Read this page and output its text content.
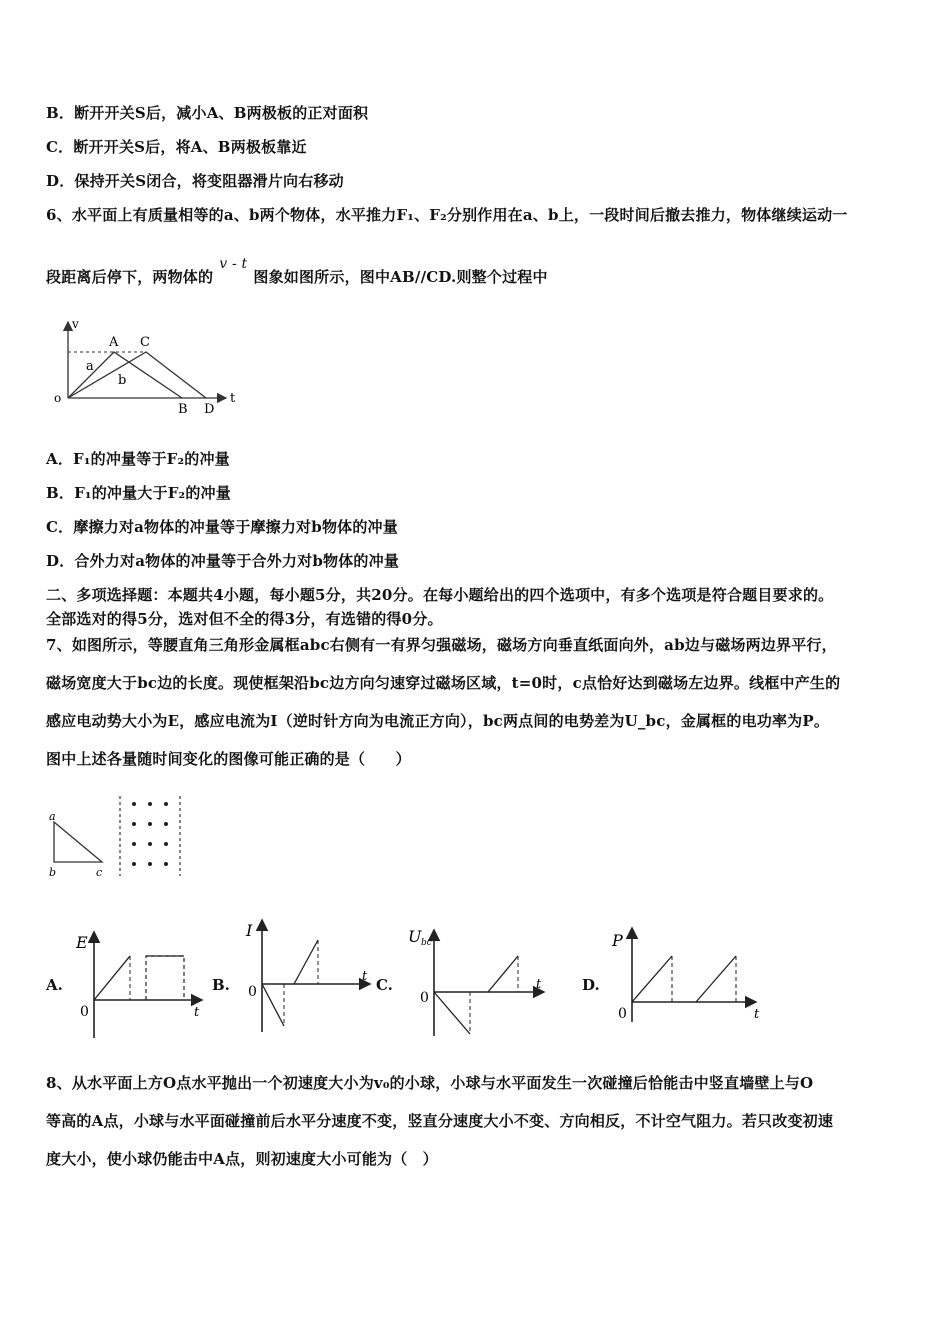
B．断开开关S后，减小A、B两极板的正对面积
C．断开开关S后，将A、B两极板靠近
D．保持开关S闭合，将变阻器滑片向右移动
6、水平面上有质量相等的a、b两个物体，水平推力F₁、F₂分别作用在a、b上，一段时间后撤去推力，物体继续运动一
段距离后停下，两物体的v - t图象如图所示，图中AB//CD.则整个过程中
v
t
o
A C
a
b
B D
A．F₁的冲量等于F₂的冲量
B．F₁的冲量大于F₂的冲量
C．摩擦力对a物体的冲量等于摩擦力对b物体的冲量
D．合外力对a物体的冲量等于合外力对b物体的冲量
二、多项选择题：本题共4小题，每小题5分，共20分。在每小题给出的四个选项中，有多个选项是符合题目要求的。
全部选对的得5分，选对但不全的得3分，有选错的得0分。
7、如图所示，等腰直角三角形金属框abc右侧有一有界匀强磁场，磁场方向垂直纸面向外，ab边与磁场两边界平行，
磁场宽度大于bc边的长度。现使框架沿bc边方向匀速穿过磁场区域，t=0时，c点恰好达到磁场左边界。线框中产生的
感应电动势大小为E，感应电流为I（逆时针方向为电流正方向），bc两点间的电势差为U_bc，金属框的电功率为P。
图中上述各量随时间变化的图像可能正确的是（　　）
a
b	c
A.	B.	C.	D.
E
t
0
I
t
0
U bc
t
0
P
t
0
8、从水平面上方O点水平抛出一个初速度大小为v₀的小球，小球与水平面发生一次碰撞后恰能击中竖直墙壁上与O
等高的A点，小球与水平面碰撞前后水平分速度不变，竖直分速度大小不变、方向相反，不计空气阻力。若只改变初速
度大小，使小球仍能击中A点，则初速度大小可能为（　）
